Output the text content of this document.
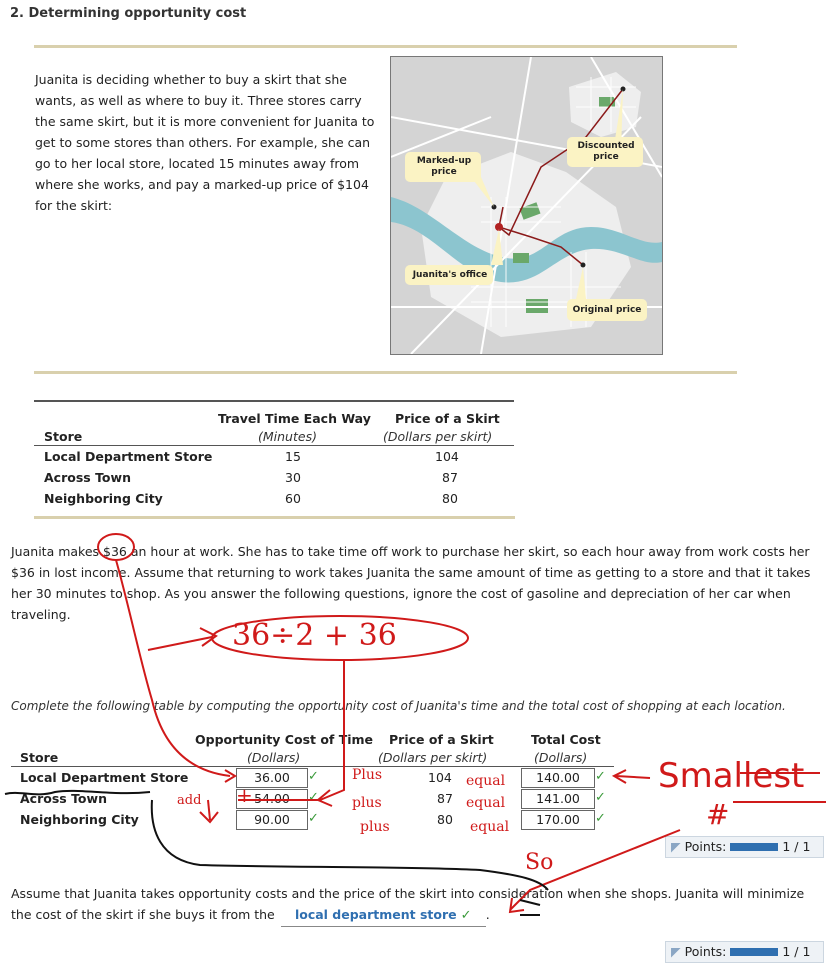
2. Determining opportunity cost
Juanita is deciding whether to buy a skirt that she wants, as well as where to buy it. Three stores carry the same skirt, but it is more convenient for Juanita to get to some stores than others. For example, she can go to her local store, located 15 minutes away from where she works, and pay a marked-up price of $104 for the skirt:
Discounted price
Marked-up price
Juanita's office
Original price
Travel Time Each Way
(Minutes)
Price of a Skirt
(Dollars per skirt)
Store
Local Department Store	15	104
Across Town	30	87
Neighboring City	60	80
Juanita makes $36 an hour at work. She has to take time off work to purchase her skirt, so each hour away from work costs her $36 in lost income. Assume that returning to work takes Juanita the same amount of time as getting to a store and that it takes her 30 minutes to shop. As you answer the following questions, ignore the cost of gasoline and depreciation of her car when traveling.
Complete the following table by computing the opportunity cost of Juanita's time and the total cost of shopping at each location.
Opportunity Cost of Time
(Dollars)
Price of a Skirt
(Dollars per skirt)
Total Cost
(Dollars)
Store
Local Department Store	36.00	✓	104	140.00	✓
Across Town	54.00	✓	87	141.00	✓
Neighboring City	90.00	✓	80	170.00	✓
◤ Points:	1 / 1
Assume that Juanita takes opportunity costs and the price of the skirt into consideration when she shops. Juanita will minimize the cost of the skirt if she buys it from the local department store ✓ .
◤ Points:	1 / 1
36÷2 + 36
Plus
plus
plus
equal
equal
equal
add +	Smallest
#
So
